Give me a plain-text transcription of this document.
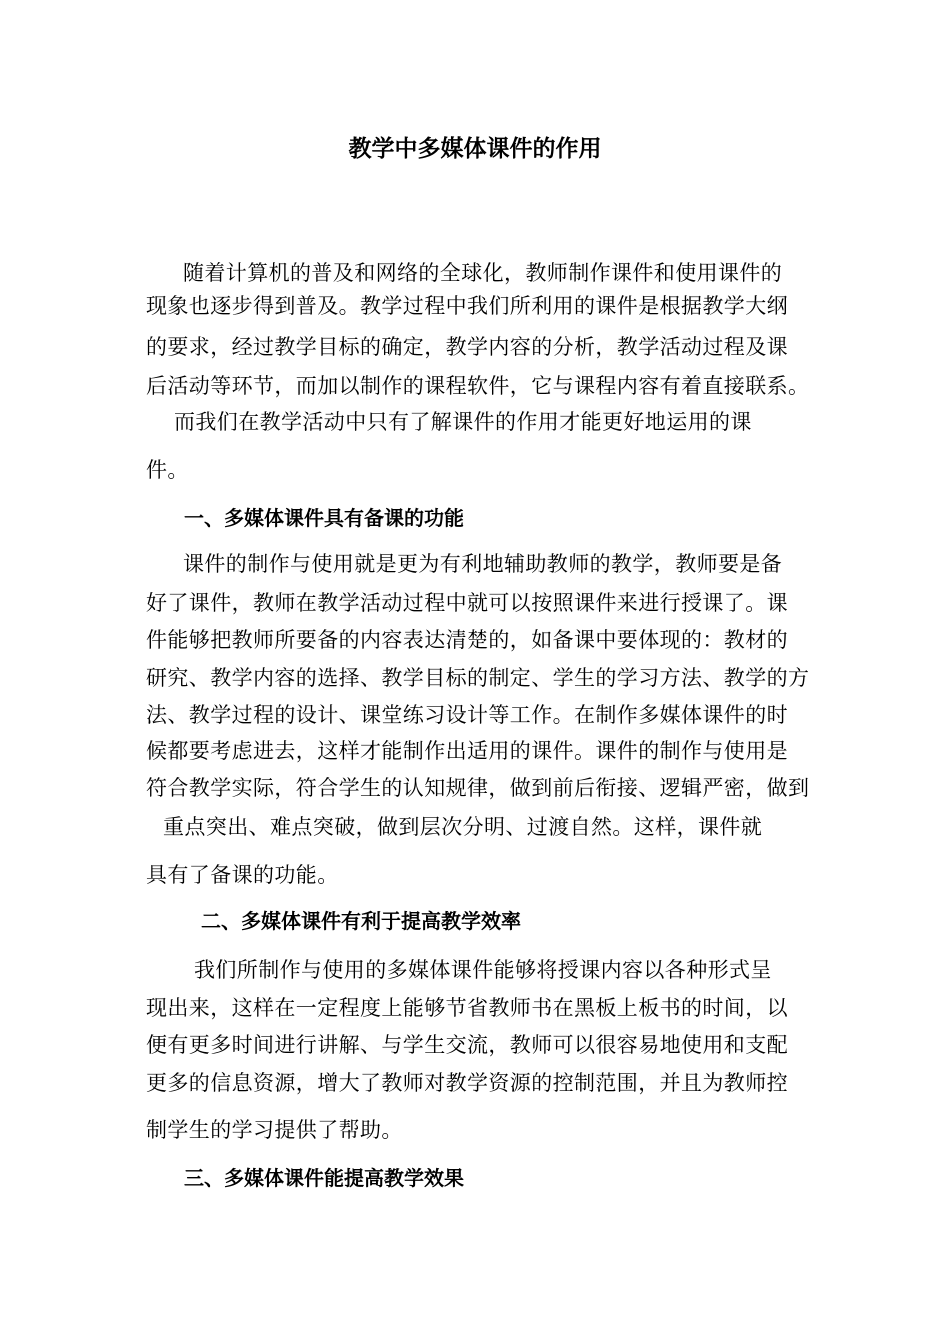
教学中多媒体课件的作用
随着计算机的普及和网络的全球化，教师制作课件和使用课件的
现象也逐步得到普及。教学过程中我们所利用的课件是根据教学大纲
的要求，经过教学目标的确定，教学内容的分析，教学活动过程及课
后活动等环节，而加以制作的课程软件，它与课程内容有着直接联系。
而我们在教学活动中只有了解课件的作用才能更好地运用的课
件。
一、多媒体课件具有备课的功能
课件的制作与使用就是更为有利地辅助教师的教学，教师要是备
好了课件，教师在教学活动过程中就可以按照课件来进行授课了。课
件能够把教师所要备的内容表达清楚的，如备课中要体现的：教材的
研究、教学内容的选择、教学目标的制定、学生的学习方法、教学的方
法、教学过程的设计、课堂练习设计等工作。在制作多媒体课件的时
候都要考虑进去，这样才能制作出适用的课件。课件的制作与使用是
符合教学实际，符合学生的认知规律，做到前后衔接、逻辑严密，做到
重点突出、难点突破，做到层次分明、过渡自然。这样，课件就
具有了备课的功能。
二、多媒体课件有利于提高教学效率
我们所制作与使用的多媒体课件能够将授课内容以各种形式呈
现出来，这样在一定程度上能够节省教师书在黑板上板书的时间，以
便有更多时间进行讲解、与学生交流，教师可以很容易地使用和支配
更多的信息资源，增大了教师对教学资源的控制范围，并且为教师控
制学生的学习提供了帮助。
三、多媒体课件能提高教学效果
